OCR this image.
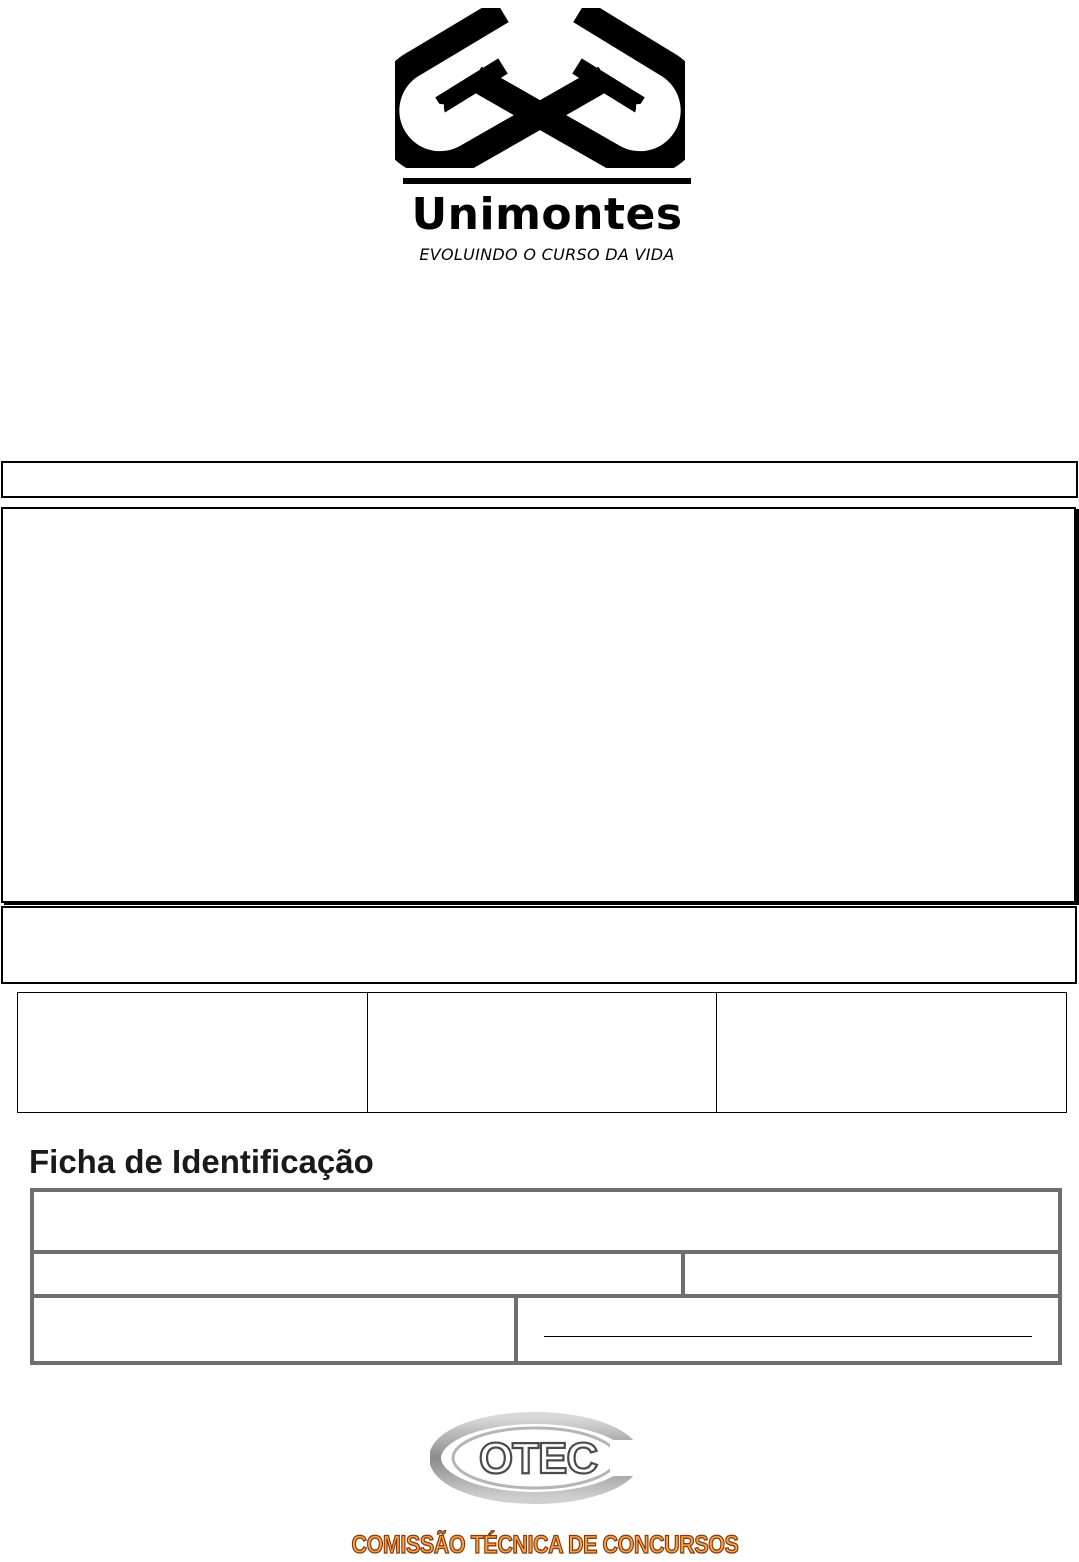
Unimontes
EVOLUINDO O CURSO DA VIDA
Ficha de Identificação
OTEC
COMISSÃO TÉCNICA DE CONCURSOS
